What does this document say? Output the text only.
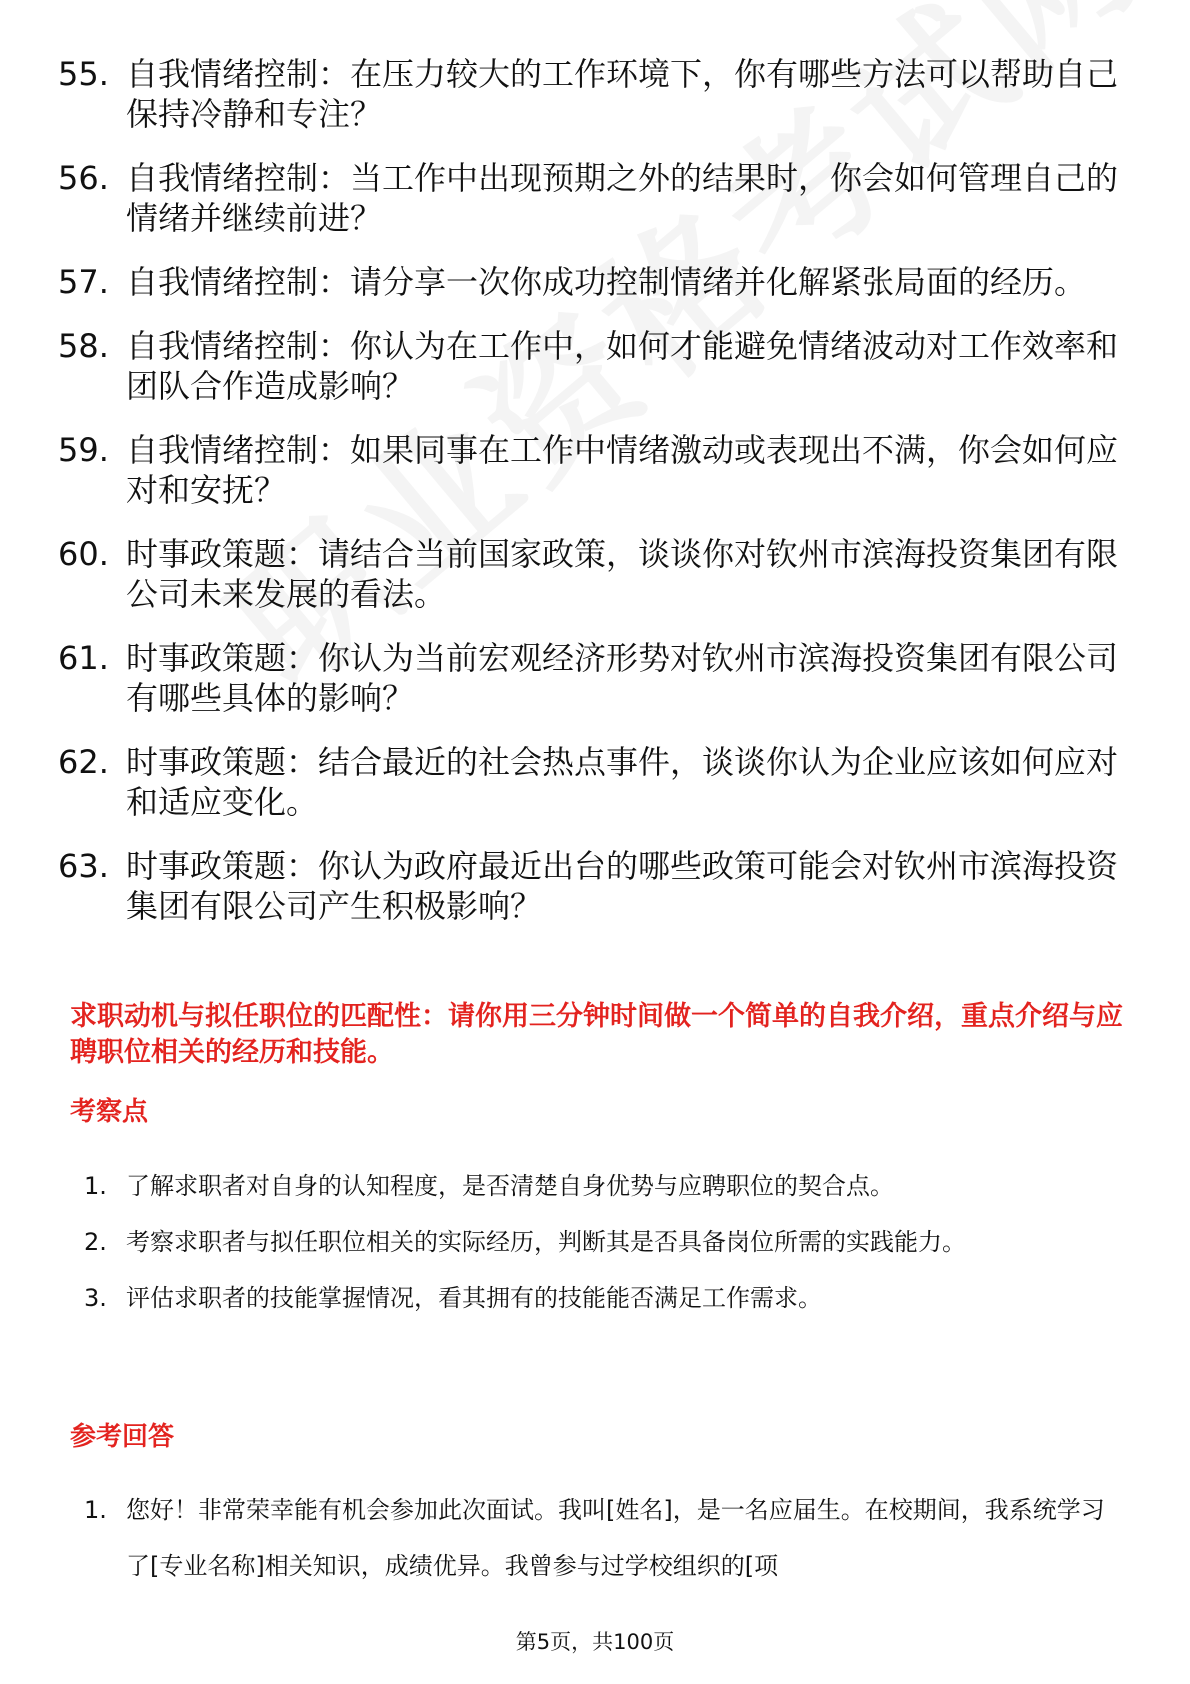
55. 自我情绪控制：在压力较大的工作环境下，你有哪些方法可以帮助自己保持冷静和专注？
56. 自我情绪控制：当工作中出现预期之外的结果时，你会如何管理自己的情绪并继续前进？
57. 自我情绪控制：请分享一次你成功控制情绪并化解紧张局面的经历。
58. 自我情绪控制：你认为在工作中，如何才能避免情绪波动对工作效率和团队合作造成影响？
59. 自我情绪控制：如果同事在工作中情绪激动或表现出不满，你会如何应对和安抚？
60. 时事政策题：请结合当前国家政策，谈谈你对钦州市滨海投资集团有限公司未来发展的看法。
61. 时事政策题：你认为当前宏观经济形势对钦州市滨海投资集团有限公司有哪些具体的影响？
62. 时事政策题：结合最近的社会热点事件，谈谈你认为企业应该如何应对和适应变化。
63. 时事政策题：你认为政府最近出台的哪些政策可能会对钦州市滨海投资集团有限公司产生积极影响？
求职动机与拟任职位的匹配性：请你用三分钟时间做一个简单的自我介绍，重点介绍与应聘职位相关的经历和技能。
考察点
1. 了解求职者对自身的认知程度，是否清楚自身优势与应聘职位的契合点。
2. 考察求职者与拟任职位相关的实际经历，判断其是否具备岗位所需的实践能力。
3. 评估求职者的技能掌握情况，看其拥有的技能能否满足工作需求。
参考回答
1. 您好！非常荣幸能有机会参加此次面试。我叫[姓名]，是一名应届生。在校期间，我系统学习了[专业名称]相关知识，成绩优异。我曾参与过学校组织的[项
第5页，共100页
